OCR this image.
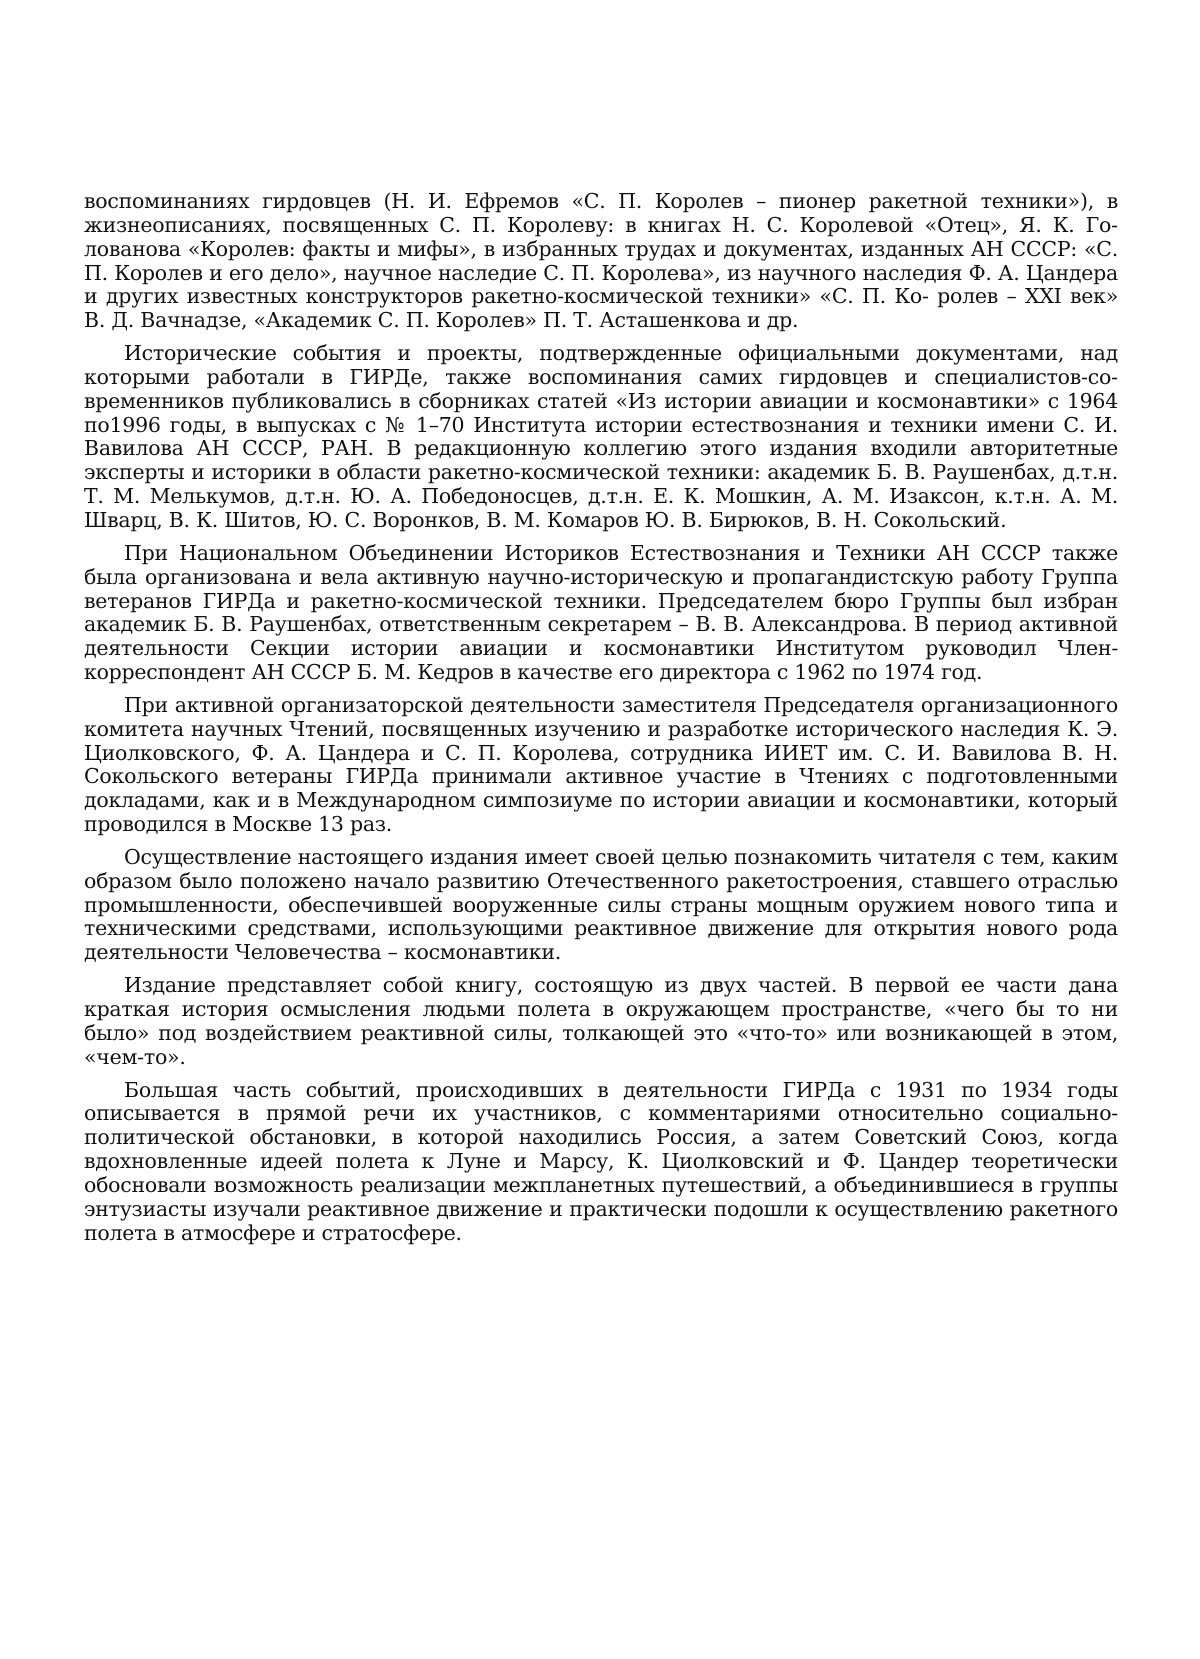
воспоминаниях гирдовцев (Н. И. Ефремов «С. П. Королев – пионер ракетной техники»), в жизнеописаниях, посвященных С. П. Королеву: в книгах Н. С. Королевой «Отец», Я. К. Голованова «Королев: факты и мифы», в избранных трудах и документах, изданных АН СССР: «С. П. Королев и его дело», научное наследие С. П. Королева», из научного наследия Ф. А. Цандера и других известных конструкторов ракетно-космической техники» «С. П. Ко- ролев – XXI век» В. Д. Вачнадзе, «Академик С. П. Королев» П. Т. Асташенкова и др.

Исторические события и проекты, подтвержденные официальными документами, над которыми работали в ГИРДе, также воспоминания самих гирдовцев и специалистов-современников публиковались в сборниках статей «Из истории авиации и космонавтики» с 1964 по1996 годы, в выпусках с № 1–70 Института истории естествознания и техники имени С. И. Вавилова АН СССР, РАН. В редакционную коллегию этого издания входили авторитетные эксперты и историки в области ракетно-космической техники: академик Б. В. Раушенбах, д.т.н. Т. М. Мелькумов, д.т.н. Ю. А. Победоносцев, д.т.н. Е. К. Мошкин, А. М. Изаксон, к.т.н. А. М. Шварц, В. К. Шитов, Ю. С. Воронков, В. М. Комаров Ю. В. Бирюков, В. Н. Сокольский.

При Национальном Объединении Историков Естествознания и Техники АН СССР также была организована и вела активную научно-историческую и пропагандистскую работу Группа ветеранов ГИРДа и ракетно-космической техники. Председателем бюро Группы был избран академик Б. В. Раушенбах, ответственным секретарем – В. В. Александрова. В период активной деятельности Секции истории авиации и космонавтики Институтом руководил Член-корреспондент АН СССР Б. М. Кедров в качестве его директора с 1962 по 1974 год.

При активной организаторской деятельности заместителя Председателя организационного комитета научных Чтений, посвященных изучению и разработке исторического наследия К. Э. Циолковского, Ф. А. Цандера и С. П. Королева, сотрудника ИИЕТ им. С. И. Вавилова В. Н. Сокольского ветераны ГИРДа принимали активное участие в Чтениях с подготовленными докладами, как и в Международном симпозиуме по истории авиации и космонавтики, который проводился в Москве 13 раз.

Осуществление настоящего издания имеет своей целью познакомить читателя с тем, каким образом было положено начало развитию Отечественного ракетостроения, ставшего отраслью промышленности, обеспечившей вооруженные силы страны мощным оружием нового типа и техническими средствами, использующими реактивное движение для открытия нового рода деятельности Человечества – космонавтики.

Издание представляет собой книгу, состоящую из двух частей. В первой ее части дана краткая история осмысления людьми полета в окружающем пространстве, «чего бы то ни было» под воздействием реактивной силы, толкающей это «что-то» или возникающей в этом, «чем-то».

Большая часть событий, происходивших в деятельности ГИРДа с 1931 по 1934 годы описывается в прямой речи их участников, с комментариями относительно социально-политической обстановки, в которой находились Россия, а затем Советский Союз, когда вдохновленные идеей полета к Луне и Марсу, К. Циолковский и Ф. Цандер теоретически обосновали возможность реализации межпланетных путешествий, а объединившиеся в группы энтузиасты изучали реактивное движение и практически подошли к осуществлению ракетного полета в атмосфере и стратосфере.
